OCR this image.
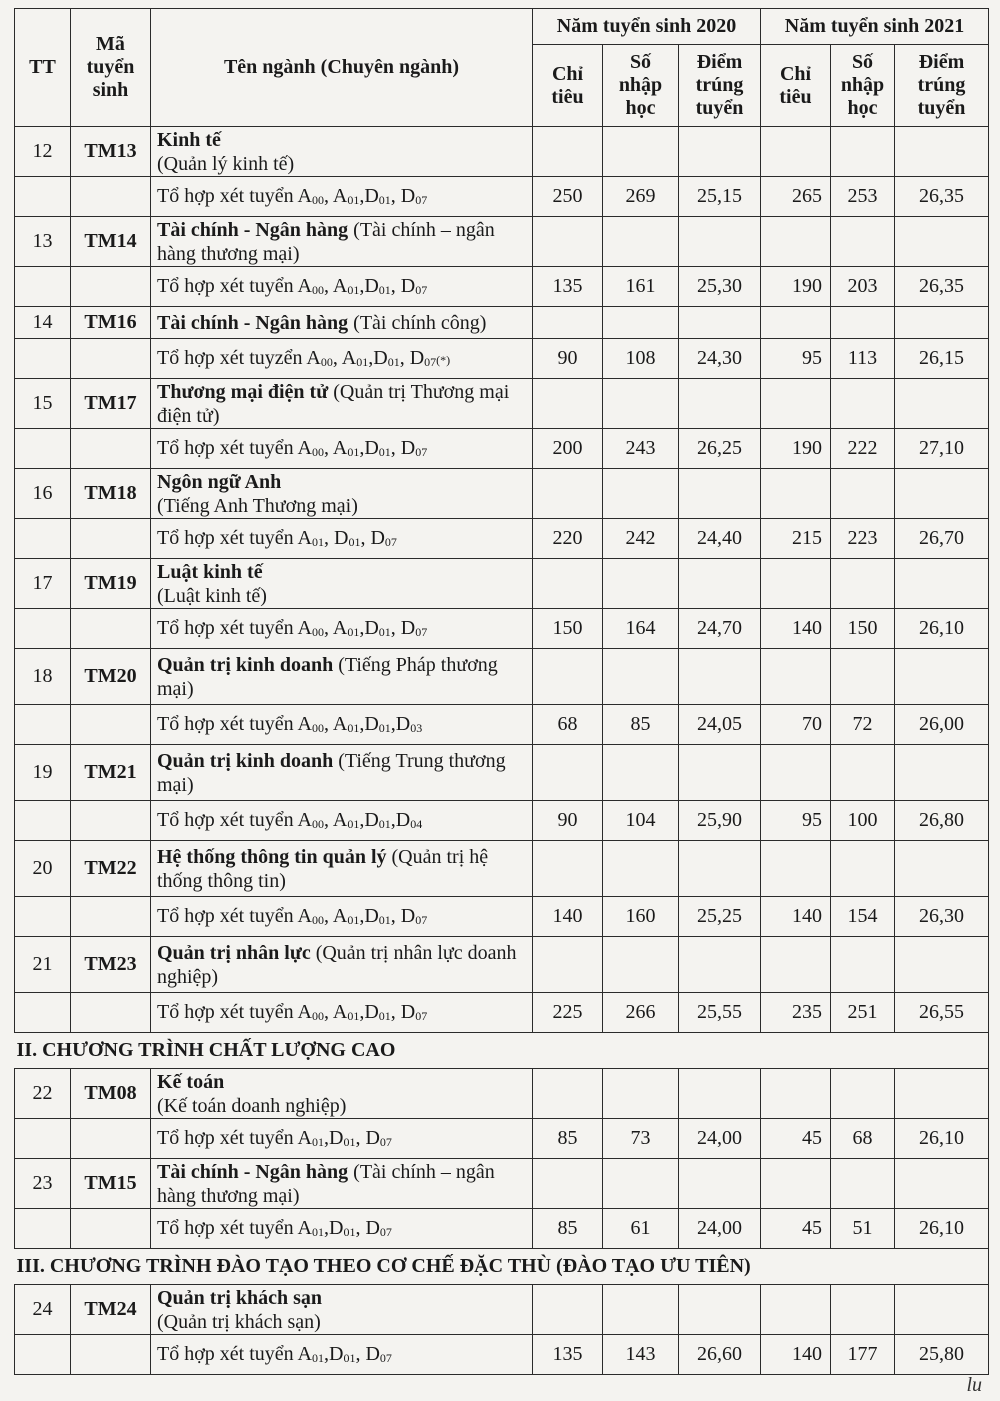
TT	Mã tuyển sinh	Tên ngành (Chuyên ngành)	Năm tuyển sinh 2020			Năm tuyển sinh 2021		
			Chỉ tiêu	Số nhập học	Điểm trúng tuyển	Chỉ tiêu	Số nhập học	Điểm trúng tuyển
12	TM13	Kinh tế
(Quản lý kinh tế)						
		Tổ hợp xét tuyển $A_{00}$, $A_{01},D_{01}$, $D_{07}$	250	269	25,15	265	253	26,35
13	TM14	Tài chính - Ngân hàng (Tài chính – ngân hàng thương mại)						
		Tổ hợp xét tuyển $A_{00}$, $A_{01},D_{01}$, $D_{07}$	135	161	25,30	190	203	26,35
14	TM16	Tài chính - Ngân hàng (Tài chính công)						
		Tổ hợp xét tuyzển $A_{00}$, $A_{01},D_{01}$, $D_{07}(*)$	90	108	24,30	95	113	26,15
15	TM17	Thương mại điện tử (Quản trị Thương mại điện tử)						
		Tổ hợp xét tuyển $A_{00}$, $A_{01},D_{01}$, $D_{07}$	200	243	26,25	190	222	27,10
16	TM18	Ngôn ngữ Anh
(Tiếng Anh Thương mại)						
		Tổ hợp xét tuyển $A_{01}$, $D_{01}$, $D_{07}$	220	242	24,40	215	223	26,70
17	TM19	Luật kinh tế
(Luật kinh tế)						
		Tổ hợp xét tuyển $A_{00}$, $A_{01},D_{01}$, $D_{07}$	150	164	24,70	140	150	26,10
18	TM20	Quản trị kinh doanh (Tiếng Pháp thương mại)						
		Tổ hợp xét tuyển $A_{00}$, $A_{01},D_{01},D_{03}$	68	85	24,05	70	72	26,00
19	TM21	Quản trị kinh doanh (Tiếng Trung thương mại)						
		Tổ hợp xét tuyển $A_{00}$, $A_{01},D_{01},D_{04}$	90	104	25,90	95	100	26,80
20	TM22	Hệ thống thông tin quản lý (Quản trị hệ thống thông tin)						
		Tổ hợp xét tuyển $A_{00}$, $A_{01},D_{01}$, $D_{07}$	140	160	25,25	140	154	26,30
21	TM23	Quản trị nhân lực (Quản trị nhân lực doanh nghiệp)						
		Tổ hợp xét tuyển $A_{00}$, $A_{01},D_{01}$, $D_{07}$	225	266	25,55	235	251	26,55
II. CHƯƠNG TRÌNH CHẤT LƯỢNG CAO								
22	TM08	Kế toán
(Kế toán doanh nghiệp)						
		Tổ hợp xét tuyển $A_{01},D_{01}$, $D_{07}$	85	73	24,00	45	68	26,10
23	TM15	Tài chính - Ngân hàng (Tài chính – ngân hàng thương mại)						
		Tổ hợp xét tuyển $A_{01},D_{01}$, $D_{07}$	85	61	24,00	45	51	26,10
III. CHƯƠNG TRÌNH ĐÀO TẠO THEO CƠ CHẾ ĐẶC THÙ (ĐÀO TẠO ƯU TIÊN)								
24	TM24	Quản trị khách sạn
(Quản trị khách sạn)						
		Tổ hợp xét tuyển $A_{01},D_{01}$, $D_{07}$	135	143	26,60	140	177	25,80
lu
